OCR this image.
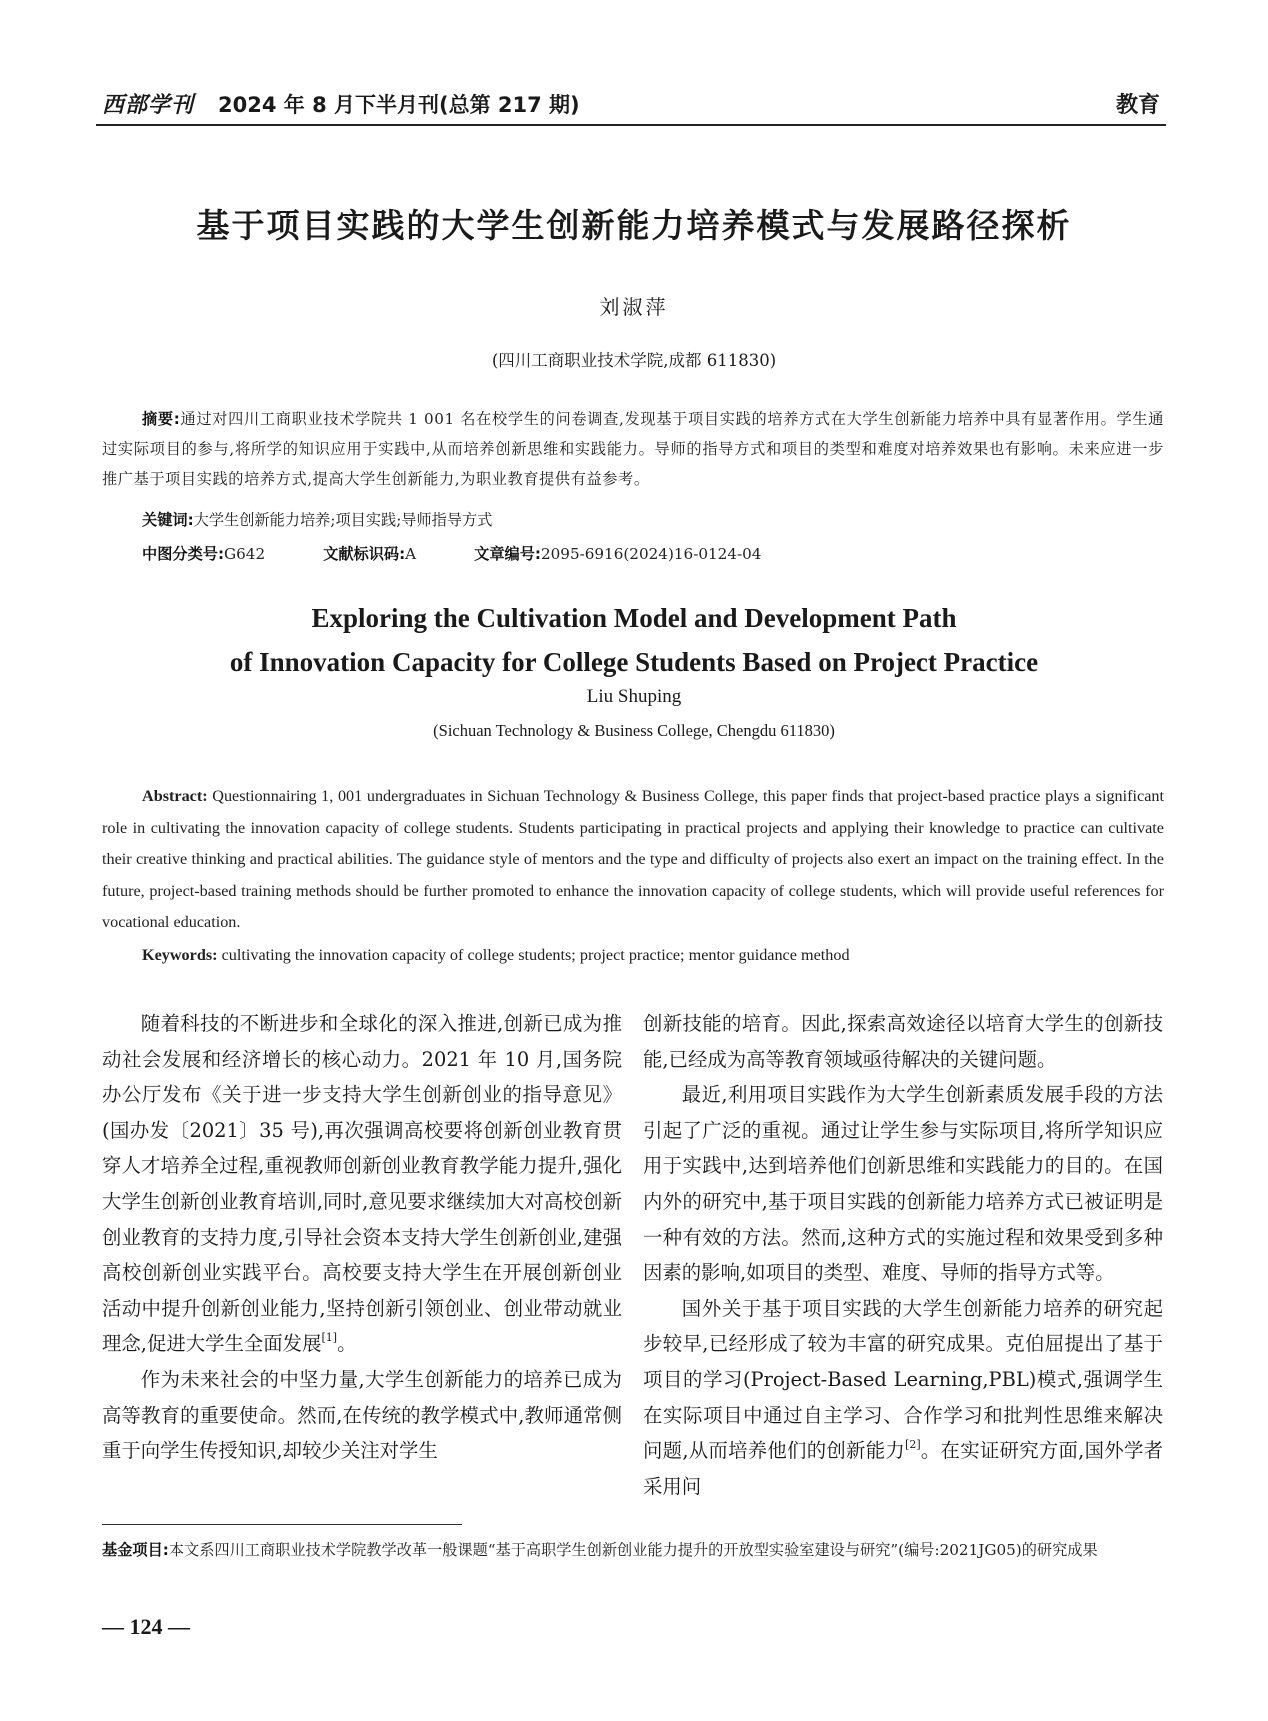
西部学刊 2024 年 8 月下半月刊(总第 217 期)	教育
基于项目实践的大学生创新能力培养模式与发展路径探析
刘淑萍
(四川工商职业技术学院,成都 611830)
摘要:通过对四川工商职业技术学院共 1 001 名在校学生的问卷调查,发现基于项目实践的培养方式在大学生创新能力培养中具有显著作用。学生通过实际项目的参与,将所学的知识应用于实践中,从而培养创新思维和实践能力。导师的指导方式和项目的类型和难度对培养效果也有影响。未来应进一步推广基于项目实践的培养方式,提高大学生创新能力,为职业教育提供有益参考。
关键词:大学生创新能力培养;项目实践;导师指导方式
中图分类号:G642	文献标识码:A	文章编号:2095-6916(2024)16-0124-04
Exploring the Cultivation Model and Development Path
of Innovation Capacity for College Students Based on Project Practice
Liu Shuping
(Sichuan Technology & Business College, Chengdu 611830)
Abstract: Questionnairing 1, 001 undergraduates in Sichuan Technology & Business College, this paper finds that project-based practice plays a significant role in cultivating the innovation capacity of college students. Students participating in practical projects and applying their knowledge to practice can cultivate their creative thinking and practical abilities. The guidance style of mentors and the type and difficulty of projects also exert an impact on the training effect. In the future, project-based training methods should be further promoted to enhance the innovation capacity of college students, which will provide useful references for vocational education.
Keywords: cultivating the innovation capacity of college students; project practice; mentor guidance method

随着科技的不断进步和全球化的深入推进,创新已成为推动社会发展和经济增长的核心动力。2021 年 10 月,国务院办公厅发布《关于进一步支持大学生创新创业的指导意见》(国办发〔2021〕35 号),再次强调高校要将创新创业教育贯穿人才培养全过程,重视教师创新创业教育教学能力提升,强化大学生创新创业教育培训,同时,意见要求继续加大对高校创新创业教育的支持力度,引导社会资本支持大学生创新创业,建强高校创新创业实践平台。高校要支持大学生在开展创新创业活动中提升创新创业能力,坚持创新引领创业、创业带动就业理念,促进大学生全面发展[1]。

作为未来社会的中坚力量,大学生创新能力的培养已成为高等教育的重要使命。然而,在传统的教学模式中,教师通常侧重于向学生传授知识,却较少关注对学生

创新技能的培育。因此,探索高效途径以培育大学生的创新技能,已经成为高等教育领域亟待解决的关键问题。

最近,利用项目实践作为大学生创新素质发展手段的方法引起了广泛的重视。通过让学生参与实际项目,将所学知识应用于实践中,达到培养他们创新思维和实践能力的目的。在国内外的研究中,基于项目实践的创新能力培养方式已被证明是一种有效的方法。然而,这种方式的实施过程和效果受到多种因素的影响,如项目的类型、难度、导师的指导方式等。

国外关于基于项目实践的大学生创新能力培养的研究起步较早,已经形成了较为丰富的研究成果。克伯屈提出了基于项目的学习(Project-Based Learning,PBL)模式,强调学生在实际项目中通过自主学习、合作学习和批判性思维来解决问题,从而培养他们的创新能力[2]。在实证研究方面,国外学者采用问

基金项目:本文系四川工商职业技术学院教学改革一般课题“基于高职学生创新创业能力提升的开放型实验室建设与研究”(编号:2021JG05)的研究成果
— 124 —
